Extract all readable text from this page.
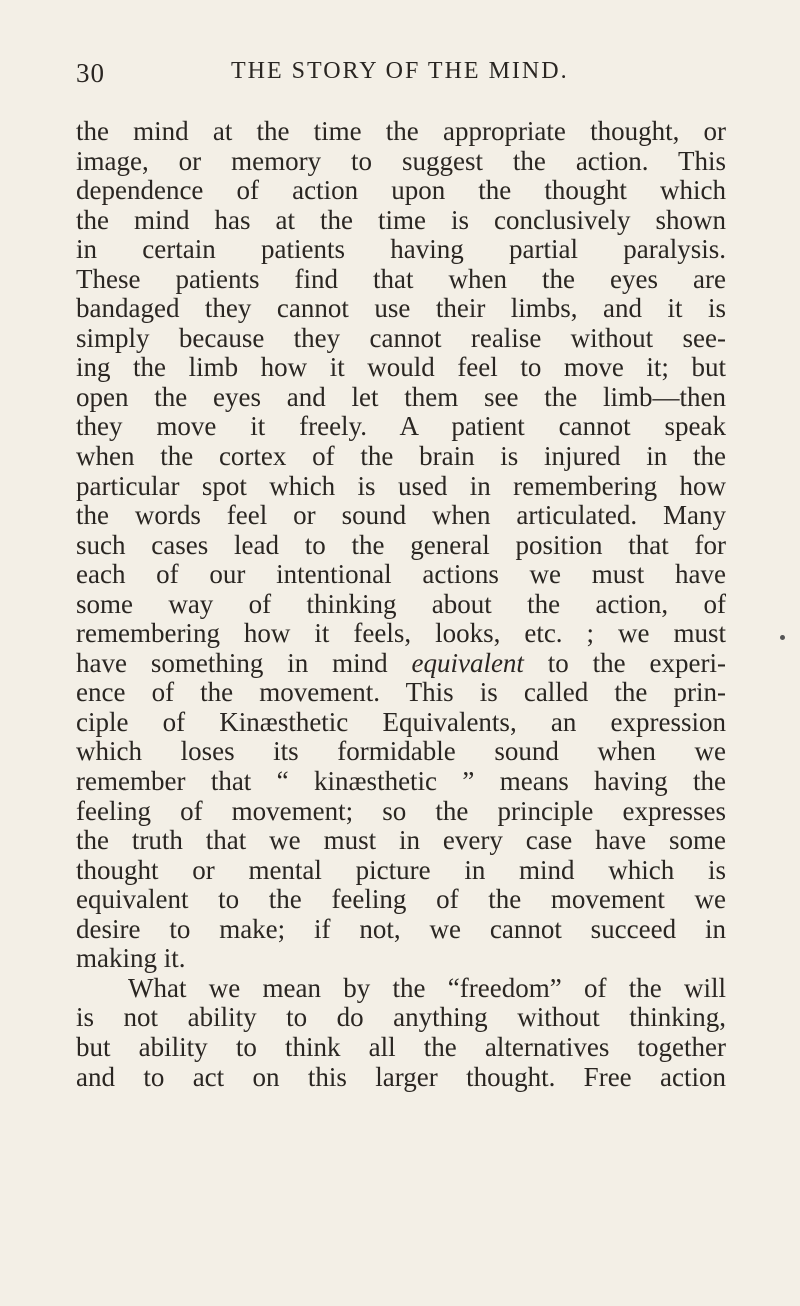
30	THE STORY OF THE MIND.
the mind at the time the appropriate thought, or
image, or memory to suggest the action. This
dependence of action upon the thought which
the mind has at the time is conclusively shown
in certain patients having partial paralysis.
These patients find that when the eyes are
bandaged they cannot use their limbs, and it is
simply because they cannot realise without see-
ing the limb how it would feel to move it; but
open the eyes and let them see the limb—then
they move it freely. A patient cannot speak
when the cortex of the brain is injured in the
particular spot which is used in remembering how
the words feel or sound when articulated. Many
such cases lead to the general position that for
each of our intentional actions we must have
some way of thinking about the action, of
remembering how it feels, looks, etc. ; we must
have something in mind equivalent to the experi-
ence of the movement. This is called the prin-
ciple of Kinæsthetic Equivalents, an expression
which loses its formidable sound when we
remember that “ kinæsthetic ” means having the
feeling of movement; so the principle expresses
the truth that we must in every case have some
thought or mental picture in mind which is
equivalent to the feeling of the movement we
desire to make; if not, we cannot succeed in
making it.
What we mean by the “freedom” of the will
is not ability to do anything without thinking,
but ability to think all the alternatives together
and to act on this larger thought. Free action
